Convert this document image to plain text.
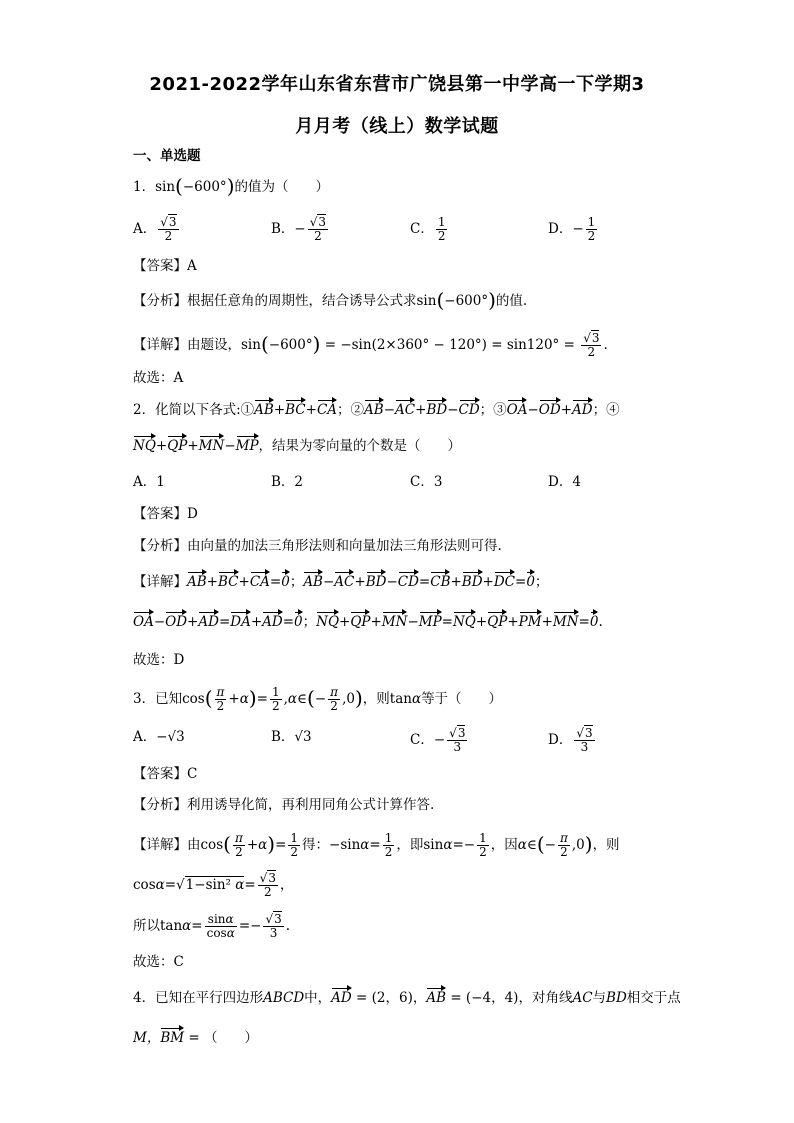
2021-2022学年山东省东营市广饶县第一中学高一下学期3
月月考（线上）数学试题
一、单选题
1．sin(−600°)的值为（　　）
A． $\frac{√3}{2}$	B．− $\frac{√3}{2}$	C． $\frac{1}{2}$	D．− $\frac{1}{2}$
【答案】A
【分析】根据任意角的周期性，结合诱导公式求sin(−600°)的值.
【详解】由题设，$\sin(-600^\circ) = -\sin(2\times 360^\circ - 120^\circ) = \sin 120^\circ = \frac{√3}{2}$ .
故选：A
2．化简以下各式:①AB+BC+CA；②AB−AC+BD−CD；③OA−OD+AD；④
NQ+QP+MN−MP，结果为零向量的个数是（　　）
A．1	B．2	C．3	D．4
【答案】D
【分析】由向量的加法三角形法则和向量加法三角形法则可得.
【详解】AB+BC+CA=0；AB−AC+BD−CD=CB+BD+DC=0；
OA−OD+AD=DA+AD=0；NQ+QP+MN−MP=NQ+QP+PM+MN=0.
故选：D
3．已知$\cos( \frac{\pi}{2} +\alpha)= \frac{1}{2}$ ,α∈(− $\frac{\pi}{2} ,0$)，则tanα等于（　　）
A．−√3	B．√3	C．− $\frac{√3}{3}$	D． $\frac{√3}{3}$
【答案】C
【分析】利用诱导化简，再利用同角公式计算作答.
【详解】由$\cos( \frac{\pi}{2} +\alpha)= \frac{1}{2}$ 得：$-\sin\alpha= \frac{1}{2}$ ，即$\sin\alpha=- \frac{1}{2}$ ，因α∈(− $\frac{\pi}{2} ,0$)，则
cosα=√1−sin² $\alpha= \frac{√3}{2}$ ，
所以$\tan\alpha= \frac{\sin\alpha}{\cos\alpha} =- \frac{√3}{3}$ .
故选：C
4．已知在平行四边形ABCD中，AD = (2，6)，AB = (−4，4)，对角线AC与BD相交于点
M，BM = （　　）
